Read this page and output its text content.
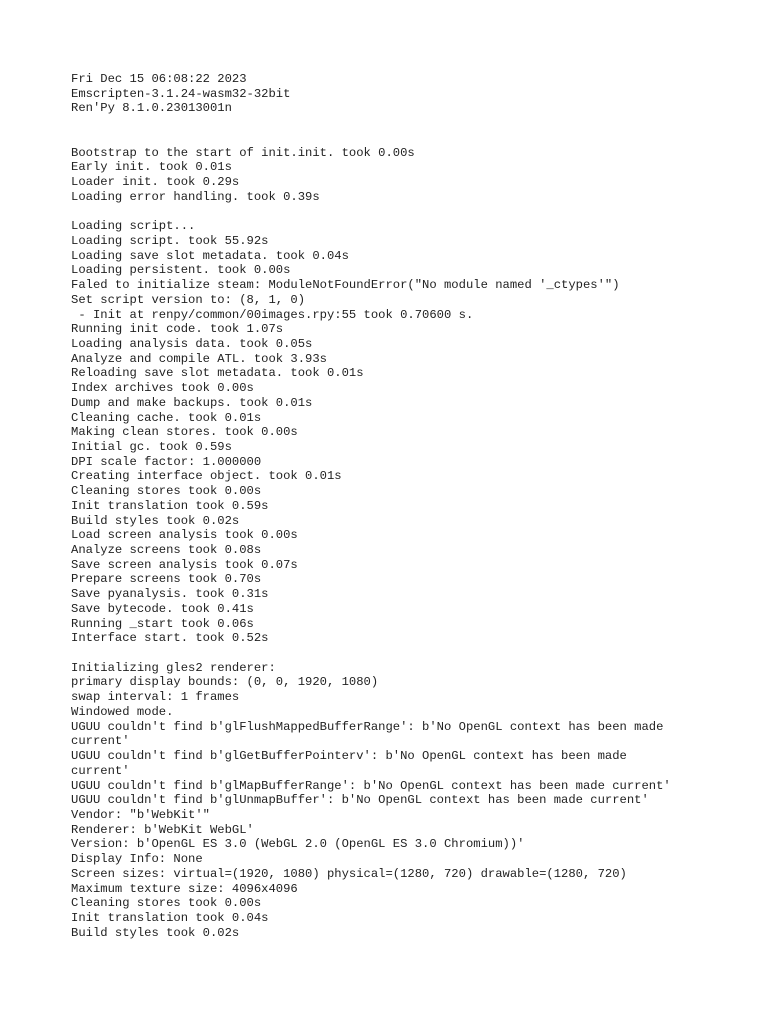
Fri Dec 15 06:08:22 2023
Emscripten-3.1.24-wasm32-32bit
Ren'Py 8.1.0.23013001n
Bootstrap to the start of init.init. took 0.00s
Early init. took 0.01s
Loader init. took 0.29s
Loading error handling. took 0.39s
Loading script...
Loading script. took 55.92s
Loading save slot metadata. took 0.04s
Loading persistent. took 0.00s
Faled to initialize steam: ModuleNotFoundError("No module named '_ctypes'")
Set script version to: (8, 1, 0)
- Init at renpy/common/00images.rpy:55 took 0.70600 s.
Running init code. took 1.07s
Loading analysis data. took 0.05s
Analyze and compile ATL. took 3.93s
Reloading save slot metadata. took 0.01s
Index archives took 0.00s
Dump and make backups. took 0.01s
Cleaning cache. took 0.01s
Making clean stores. took 0.00s
Initial gc. took 0.59s
DPI scale factor: 1.000000
Creating interface object. took 0.01s
Cleaning stores took 0.00s
Init translation took 0.59s
Build styles took 0.02s
Load screen analysis took 0.00s
Analyze screens took 0.08s
Save screen analysis took 0.07s
Prepare screens took 0.70s
Save pyanalysis. took 0.31s
Save bytecode. took 0.41s
Running _start took 0.06s
Interface start. took 0.52s
Initializing gles2 renderer:
primary display bounds: (0, 0, 1920, 1080)
swap interval: 1 frames
Windowed mode.
UGUU couldn't find b'glFlushMappedBufferRange': b'No OpenGL context has been made
current'
UGUU couldn't find b'glGetBufferPointerv': b'No OpenGL context has been made
current'
UGUU couldn't find b'glMapBufferRange': b'No OpenGL context has been made current'
UGUU couldn't find b'glUnmapBuffer': b'No OpenGL context has been made current'
Vendor: "b'WebKit'"
Renderer: b'WebKit WebGL'
Version: b'OpenGL ES 3.0 (WebGL 2.0 (OpenGL ES 3.0 Chromium))'
Display Info: None
Screen sizes: virtual=(1920, 1080) physical=(1280, 720) drawable=(1280, 720)
Maximum texture size: 4096x4096
Cleaning stores took 0.00s
Init translation took 0.04s
Build styles took 0.02s
